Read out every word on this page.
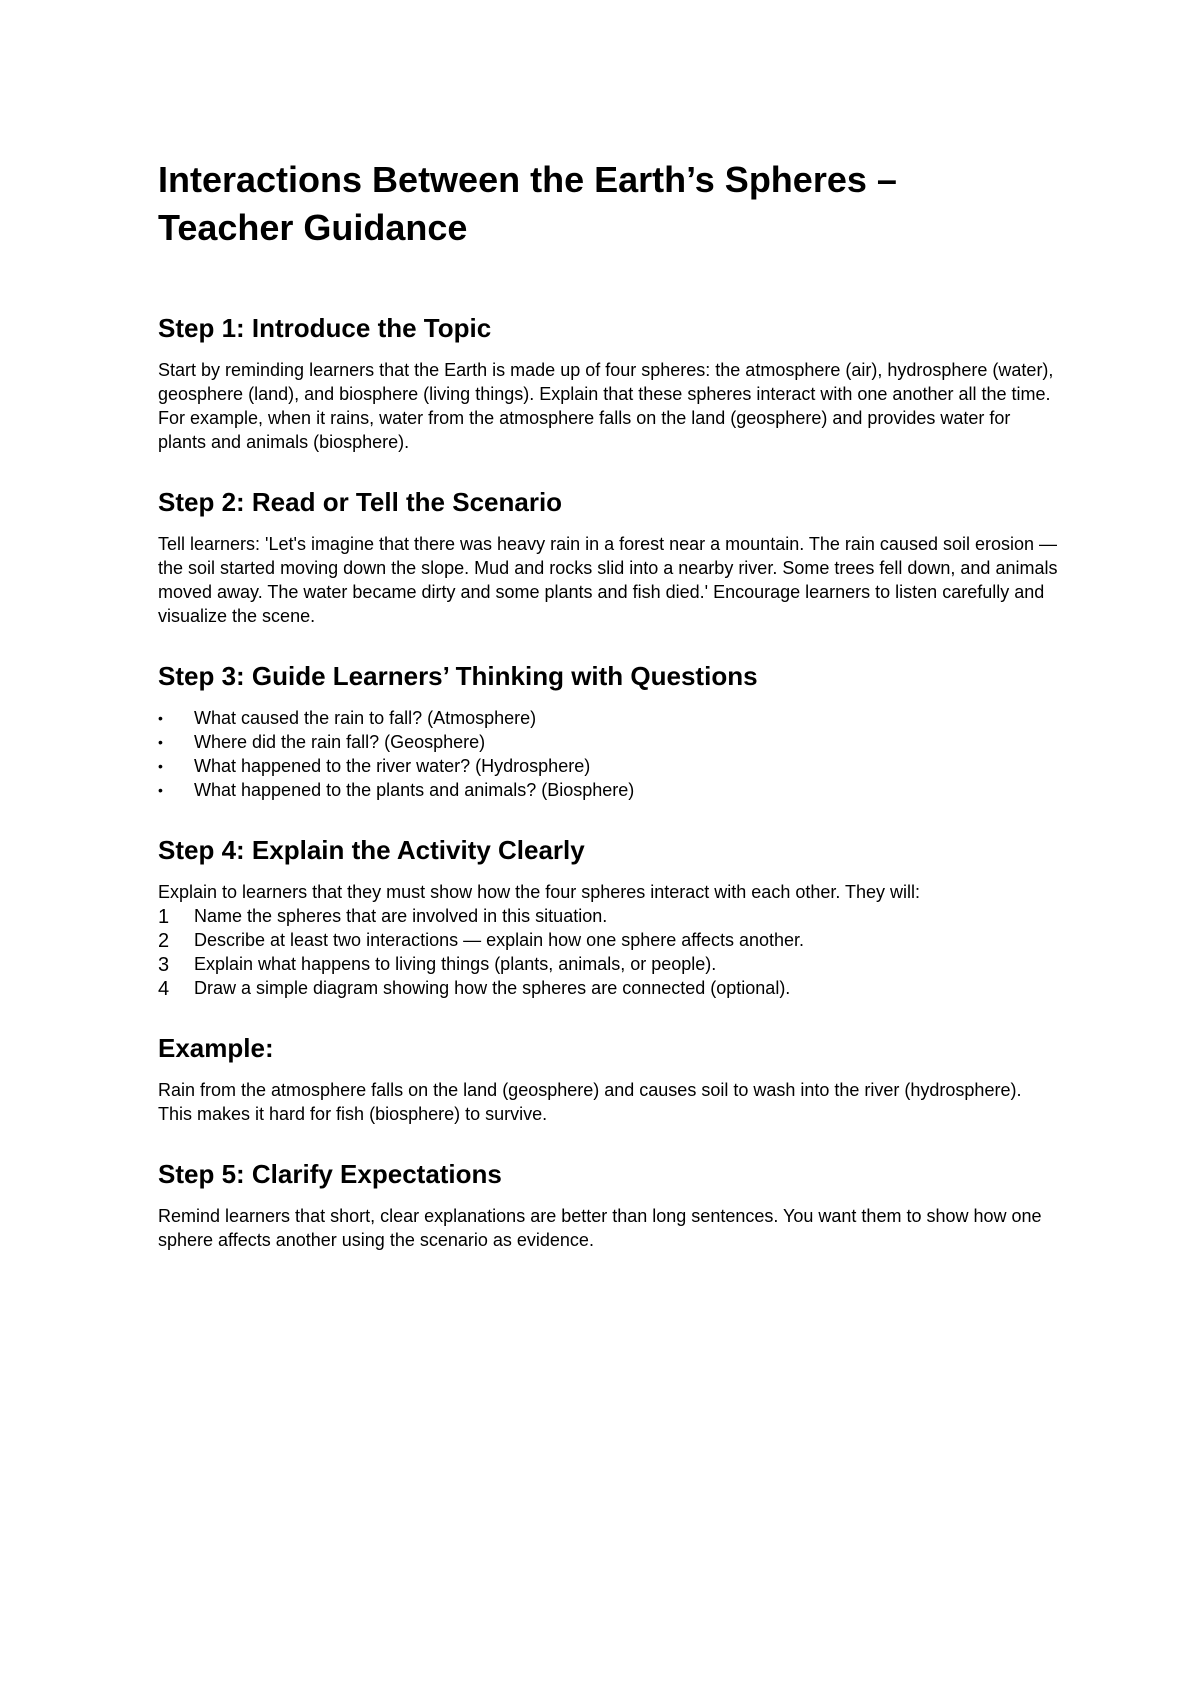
Interactions Between the Earth’s Spheres –
Teacher Guidance
Step 1: Introduce the Topic

Start by reminding learners that the Earth is made up of four spheres: the atmosphere (air), hydrosphere (water), geosphere (land), and biosphere (living things). Explain that these spheres interact with one another all the time. For example, when it rains, water from the atmosphere falls on the land (geosphere) and provides water for plants and animals (biosphere).

Step 2: Read or Tell the Scenario

Tell learners: 'Let's imagine that there was heavy rain in a forest near a mountain. The rain caused soil erosion — the soil started moving down the slope. Mud and rocks slid into a nearby river. Some trees fell down, and animals moved away. The water became dirty and some plants and fish died.' Encourage learners to listen carefully and visualize the scene.

Step 3: Guide Learners’ Thinking with Questions
• What caused the rain to fall? (Atmosphere)
• Where did the rain fall? (Geosphere)
• What happened to the river water? (Hydrosphere)
• What happened to the plants and animals? (Biosphere)
Step 4: Explain the Activity Clearly
Explain to learners that they must show how the four spheres interact with each other. They will:
1 Name the spheres that are involved in this situation.
2 Describe at least two interactions — explain how one sphere affects another.
3 Explain what happens to living things (plants, animals, or people).
4 Draw a simple diagram showing how the spheres are connected (optional).
Example:

Rain from the atmosphere falls on the land (geosphere) and causes soil to wash into the river (hydrosphere). This makes it hard for fish (biosphere) to survive.

Step 5: Clarify Expectations

Remind learners that short, clear explanations are better than long sentences. You want them to show how one sphere affects another using the scenario as evidence.
